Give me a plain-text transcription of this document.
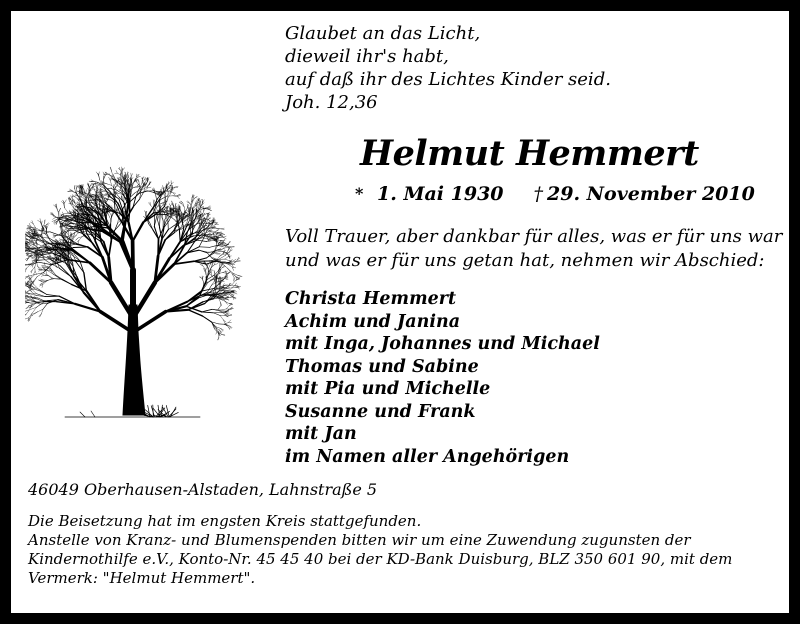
Glaubet an das Licht,
dieweil ihr's habt,
auf daß ihr des Lichtes Kinder seid.
Joh. 12,36
Helmut Hemmert
* 1. Mai 1930 † 29. November 2010
Voll Trauer, aber dankbar für alles, was er für uns war
und was er für uns getan hat, nehmen wir Abschied:
Christa Hemmert
Achim und Janina
mit Inga, Johannes und Michael
Thomas und Sabine
mit Pia und Michelle
Susanne und Frank
mit Jan
im Namen aller Angehörigen
46049 Oberhausen-Alstaden, Lahnstraße 5
Die Beisetzung hat im engsten Kreis stattgefunden.
Anstelle von Kranz- und Blumenspenden bitten wir um eine Zuwendung zugunsten der
Kindernothilfe e.V., Konto-Nr. 45 45 40 bei der KD-Bank Duisburg, BLZ 350 601 90, mit dem
Vermerk: "Helmut Hemmert".
